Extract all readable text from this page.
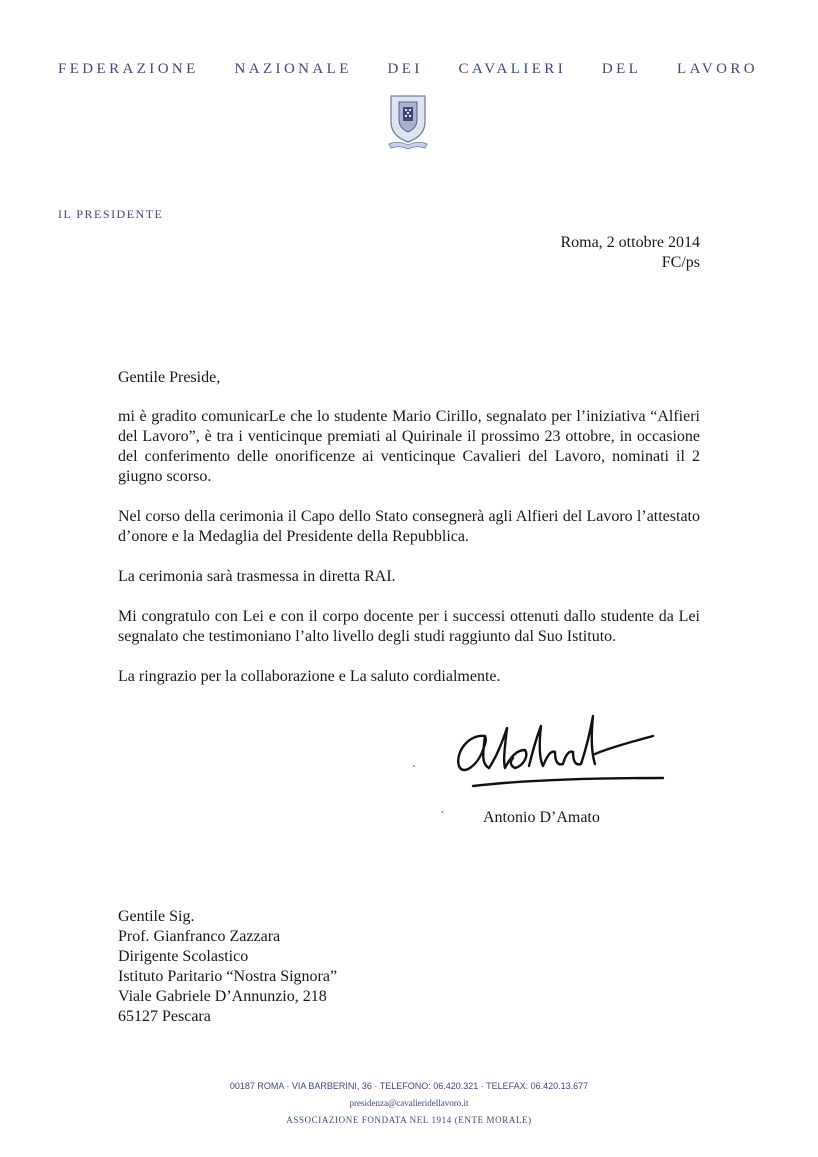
FEDERAZIONE NAZIONALE DEI CAVALIERI DEL LAVORO
IL PRESIDENTE
Roma, 2 ottobre 2014
FC/ps

Gentile Preside,

mi è gradito comunicarLe che lo studente Mario Cirillo, segnalato per l’iniziativa “Alfieri del Lavoro”, è tra i venticinque premiati al Quirinale il prossimo 23 ottobre, in occasione del conferimento delle onorificenze ai venticinque Cavalieri del Lavoro, nominati il 2 giugno scorso.

Nel corso della cerimonia il Capo dello Stato consegnerà agli Alfieri del Lavoro l’attestato d’onore e la Medaglia del Presidente della Repubblica.

La cerimonia sarà trasmessa in diretta RAI.

Mi congratulo con Lei e con il corpo docente per i successi ottenuti dallo studente da Lei segnalato che testimoniano l’alto livello degli studi raggiunto dal Suo Istituto.

La ringrazio per la collaborazione e La saluto cordialmente.

Antonio D’Amato
Gentile Sig.
Prof. Gianfranco Zazzara
Dirigente Scolastico
Istituto Paritario “Nostra Signora”
Viale Gabriele D’Annunzio, 218
65127 Pescara
00187 ROMA · VIA BARBERINI, 36 · TELEFONO: 06.420.321 · TELEFAX: 06.420.13.677
presidenza@cavalieridellavoro.it
ASSOCIAZIONE FONDATA NEL 1914 (ENTE MORALE)
